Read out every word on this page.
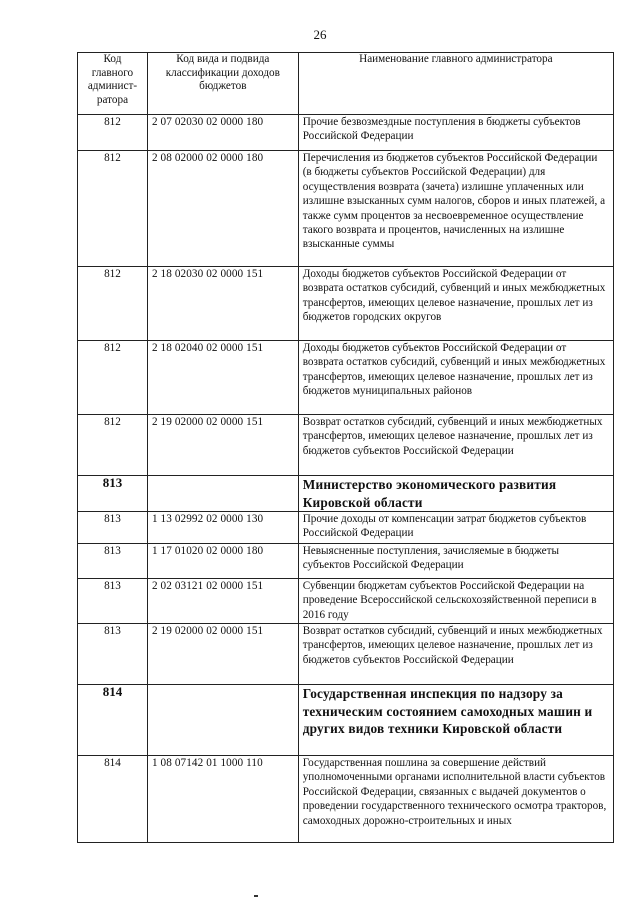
26
Код главного админист-ратора	Код вида и подвида классификации доходов бюджетов	Наименование главного администратора
812	2 07 02030 02 0000 180	Прочие безвозмездные поступления в бюджеты субъектов Российской Федерации
812	2 08 02000 02 0000 180	Перечисления из бюджетов субъектов Российской Федерации (в бюджеты субъектов Российской Федерации) для осуществления возврата (зачета) излишне уплаченных или излишне взысканных сумм налогов, сборов и иных платежей, а также сумм процентов за несвоевременное осуществление такого возврата и процентов, начисленных на излишне взысканные суммы
812	2 18 02030 02 0000 151	Доходы бюджетов субъектов Российской Федерации от возврата остатков субсидий, субвенций и иных межбюджетных трансфертов, имеющих целевое назначение, прошлых лет из бюджетов городских округов
812	2 18 02040 02 0000 151	Доходы бюджетов субъектов Российской Федерации от возврата остатков субсидий, субвенций и иных межбюджетных трансфертов, имеющих целевое назначение, прошлых лет из бюджетов муниципальных районов
812	2 19 02000 02 0000 151	Возврат остатков субсидий, субвенций и иных межбюджетных трансфертов, имеющих целевое назначение, прошлых лет из бюджетов субъектов Российской Федерации
813		Министерство экономического развития Кировской области
813	1 13 02992 02 0000 130	Прочие доходы от компенсации затрат бюджетов субъектов Российской Федерации
813	1 17 01020 02 0000 180	Невыясненные поступления, зачисляемые в бюджеты субъектов Российской Федерации
813	2 02 03121 02 0000 151	Субвенции бюджетам субъектов Российской Федерации на проведение Всероссийской сельскохозяйственной переписи в 2016 году
813	2 19 02000 02 0000 151	Возврат остатков субсидий, субвенций и иных межбюджетных трансфертов, имеющих целевое назначение, прошлых лет из бюджетов субъектов Российской Федерации
814		Государственная инспекция по надзору за техническим состоянием самоходных машин и других видов техники Кировской области
814	1 08 07142 01 1000 110	Государственная пошлина за совершение действий уполномоченными органами исполнительной власти субъектов Российской Федерации, связанных с выдачей документов о проведении государственного технического осмотра тракторов, самоходных дорожно-строительных и иных
